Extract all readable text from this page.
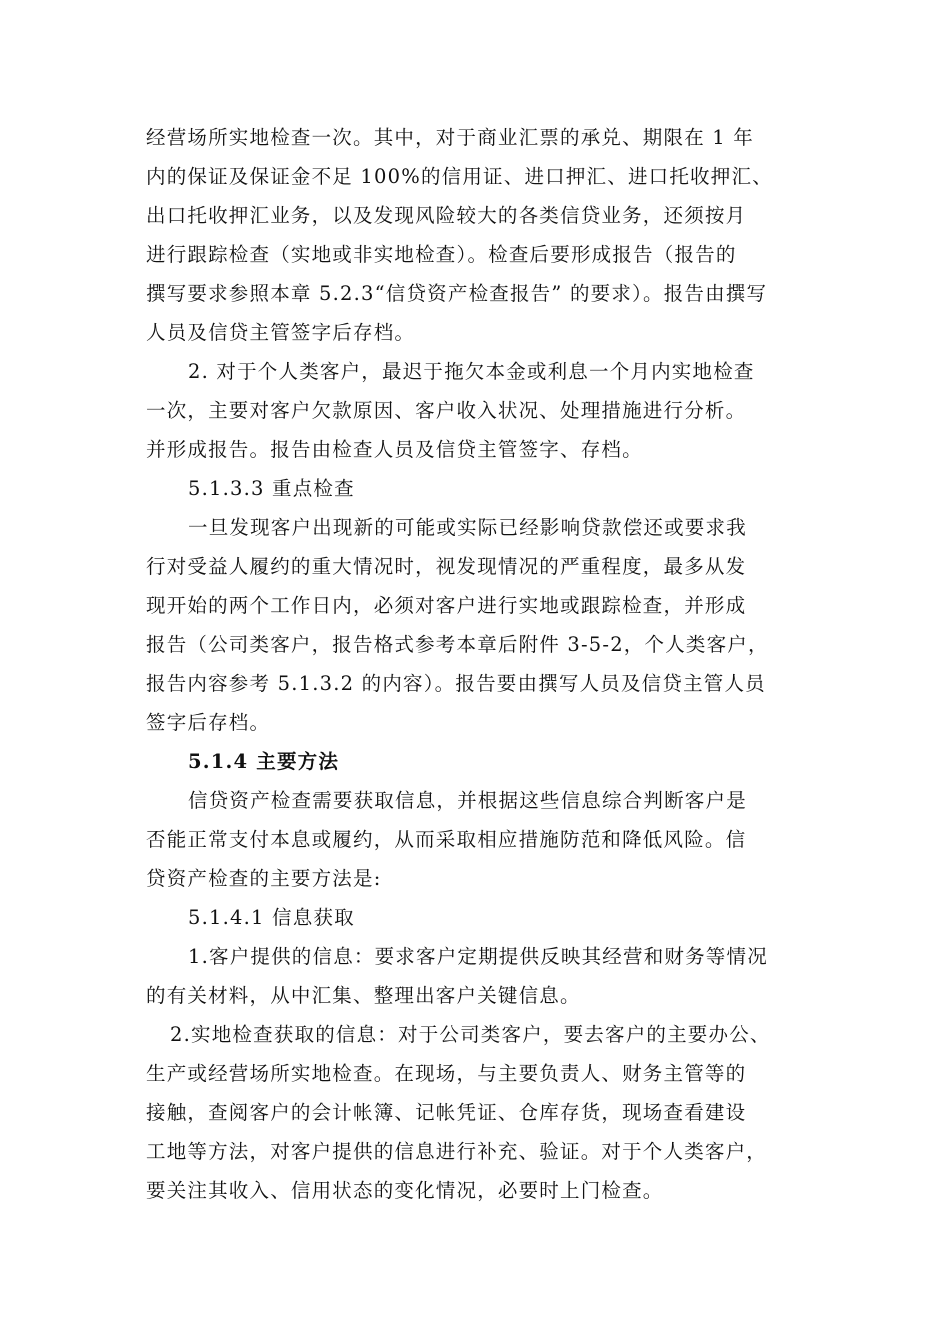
经营场所实地检查一次。其中，对于商业汇票的承兑、期限在 1 年
内的保证及保证金不足 100%的信用证、进口押汇、进口托收押汇、
出口托收押汇业务，以及发现风险较大的各类信贷业务，还须按月
进行跟踪检查（实地或非实地检查）。检查后要形成报告（报告的
撰写要求参照本章 5.2.3“信贷资产检查报告” 的要求）。报告由撰写
人员及信贷主管签字后存档。
2. 对于个人类客户，最迟于拖欠本金或利息一个月内实地检查
一次，主要对客户欠款原因、客户收入状况、处理措施进行分析。
并形成报告。报告由检查人员及信贷主管签字、存档。
5.1.3.3 重点检查
一旦发现客户出现新的可能或实际已经影响贷款偿还或要求我
行对受益人履约的重大情况时，视发现情况的严重程度，最多从发
现开始的两个工作日内，必须对客户进行实地或跟踪检查，并形成
报告（公司类客户，报告格式参考本章后附件 3-5-2，个人类客户，
报告内容参考 5.1.3.2 的内容）。报告要由撰写人员及信贷主管人员
签字后存档。
5.1.4 主要方法
信贷资产检查需要获取信息，并根据这些信息综合判断客户是
否能正常支付本息或履约，从而采取相应措施防范和降低风险。信
贷资产检查的主要方法是:
5.1.4.1 信息获取
1.客户提供的信息：要求客户定期提供反映其经营和财务等情况
的有关材料，从中汇集、整理出客户关键信息。
2.实地检查获取的信息：对于公司类客户，要去客户的主要办公、
生产或经营场所实地检查。在现场，与主要负责人、财务主管等的
接触，查阅客户的会计帐簿、记帐凭证、仓库存货，现场查看建设
工地等方法，对客户提供的信息进行补充、验证。对于个人类客户，
要关注其收入、信用状态的变化情况，必要时上门检查。
